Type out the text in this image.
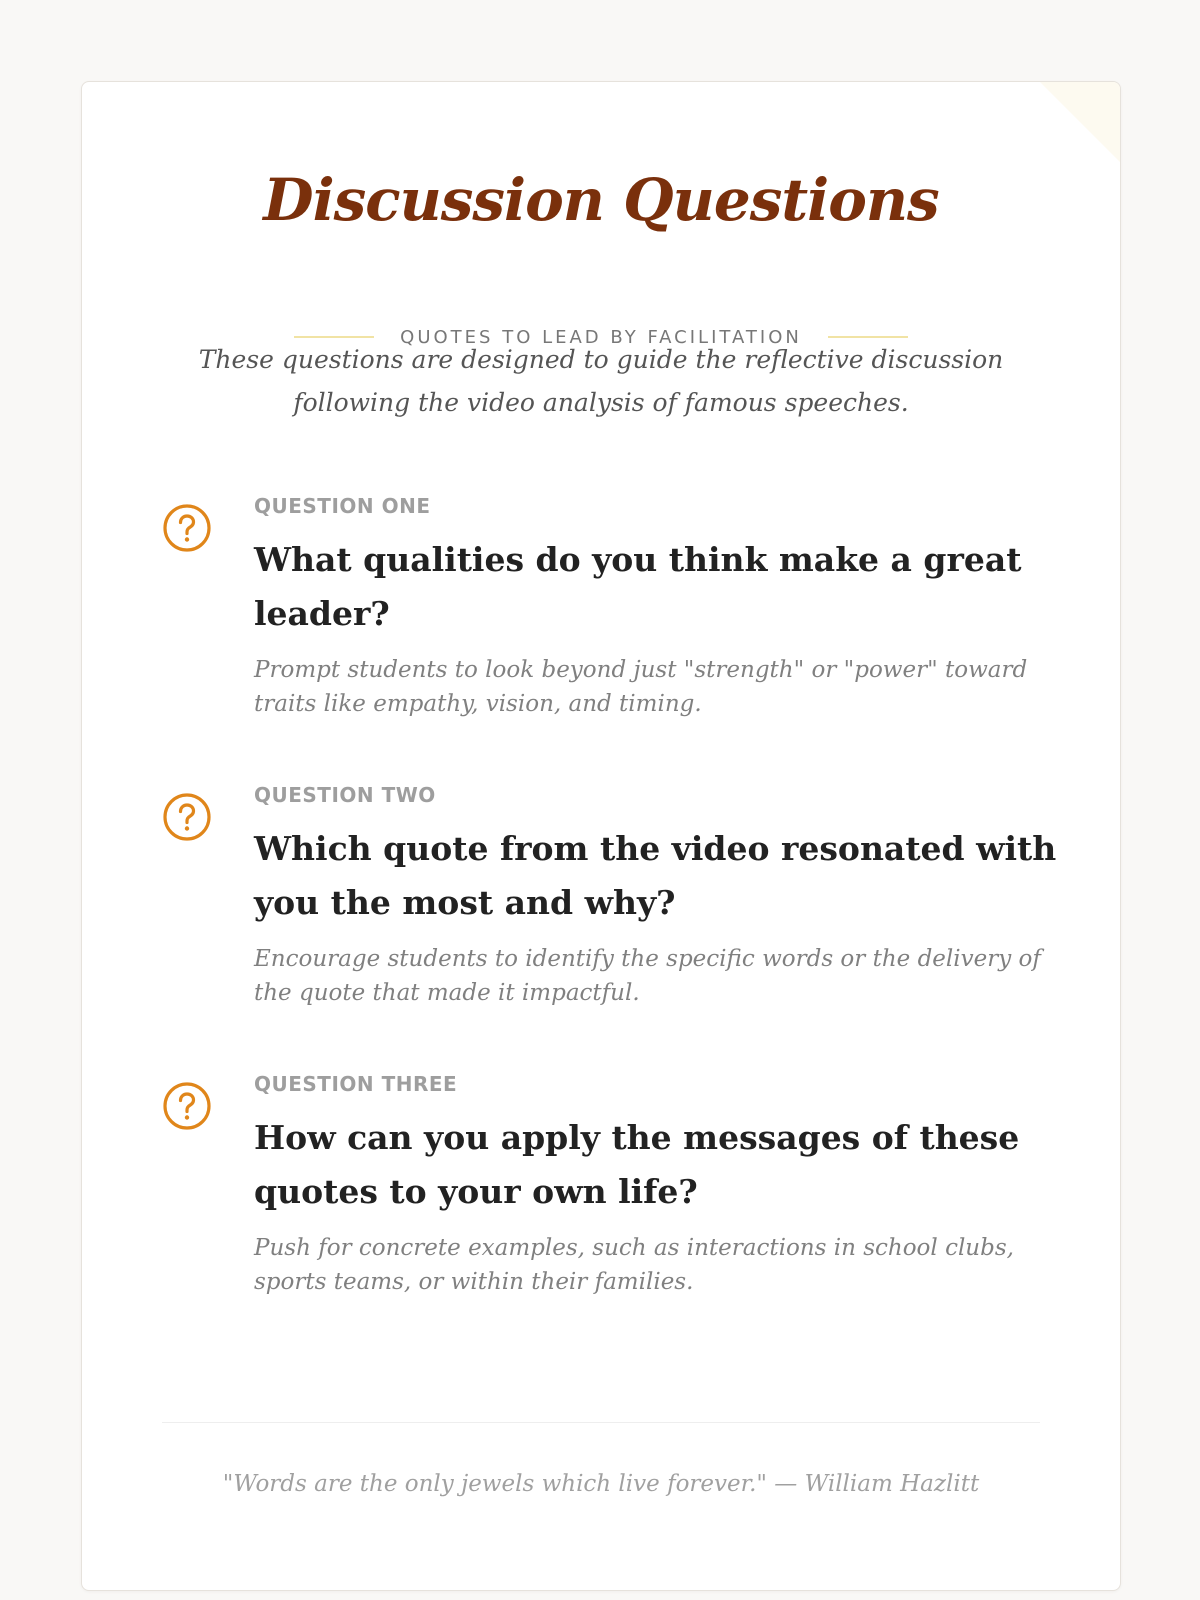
Discussion Questions
QUOTES TO LEAD BY FACILITATION

These questions are designed to guide the reflective discussion following the video analysis of famous speeches.

QUESTION ONE

What qualities do you think make a great leader?

Prompt students to look beyond just "strength" or "power" toward traits like empathy, vision, and timing.

QUESTION TWO

Which quote from the video resonated with you the most and why?

Encourage students to identify the specific words or the delivery of the quote that made it impactful.

QUESTION THREE

How can you apply the messages of these quotes to your own life?

Push for concrete examples, such as interactions in school clubs, sports teams, or within their families.

"Words are the only jewels which live forever." — William Hazlitt
